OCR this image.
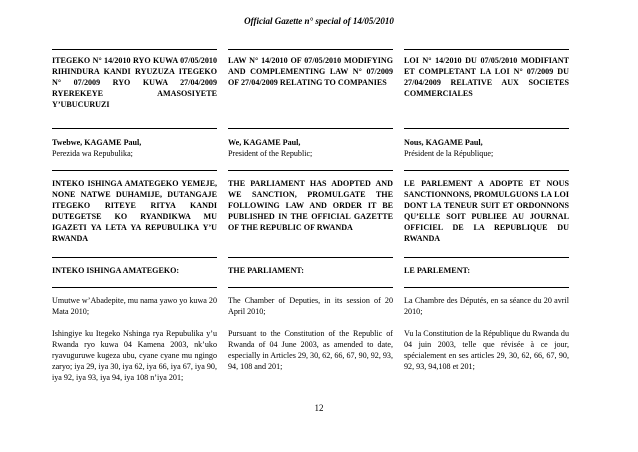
Official Gazette n° special of 14/05/2010
ITEGEKO N° 14/2010 RYO KUWA 07/05/2010 RIHINDURA KANDI RYUZUZA ITEGEKO N° 07/2009 RYO KUWA 27/04/2009 RYEREKEYE AMASOSIYETE Y’UBUCURUZI
Twebwe, KAGAME Paul,
Perezida wa Repubulika;
INTEKO ISHINGA AMATEGEKO YEMEJE, NONE NATWE DUHAMIJE, DUTANGAJE ITEGEKO RITEYE RITYA KANDI DUTEGETSE KO RYANDIKWA MU IGAZETI YA LETA YA REPUBULIKA Y’U RWANDA
INTEKO ISHINGA AMATEGEKO:
Umutwe w’Abadepite, mu nama yawo yo kuwa 20 Mata 2010;
Ishingiye ku Itegeko Nshinga rya Repubulika y’u Rwanda ryo kuwa 04 Kamena 2003, nk’uko ryavuguruwe kugeza ubu, cyane cyane mu ngingo zaryo; iya 29, iya 30, iya 62, iya 66, iya 67, iya 90, iya 92, iya 93, iya 94, iya 108 n’iya 201;
LAW N° 14/2010 OF 07/05/2010 MODIFYING AND COMPLEMENTING LAW N° 07/2009 OF 27/04/2009 RELATING TO COMPANIES
We, KAGAME Paul,
President of the Republic;
THE PARLIAMENT HAS ADOPTED AND WE SANCTION, PROMULGATE THE FOLLOWING LAW AND ORDER IT BE PUBLISHED IN THE OFFICIAL GAZETTE OF THE REPUBLIC OF RWANDA
THE PARLIAMENT:
The Chamber of Deputies, in its session of 20 April 2010;
Pursuant to the Constitution of the Republic of Rwanda of 04 June 2003, as amended to date, especially in Articles 29, 30, 62, 66, 67, 90, 92, 93, 94, 108 and 201;
LOI N° 14/2010 DU 07/05/2010 MODIFIANT ET COMPLETANT LA LOI N° 07/2009 DU 27/04/2009 RELATIVE AUX SOCIETES COMMERCIALES
Nous, KAGAME Paul,
Président de la République;
LE PARLEMENT A ADOPTE ET NOUS SANCTIONNONS, PROMULGUONS LA LOI DONT LA TENEUR SUIT ET ORDONNONS QU’ELLE SOIT PUBLIEE AU JOURNAL OFFICIEL DE LA REPUBLIQUE DU RWANDA
LE PARLEMENT:
La Chambre des Députés, en sa séance du 20 avril 2010;
Vu la Constitution de la République du Rwanda du 04 juin 2003, telle que révisée à ce jour, spécialement en ses articles 29, 30, 62, 66, 67, 90, 92, 93, 94,108 et 201;
12
